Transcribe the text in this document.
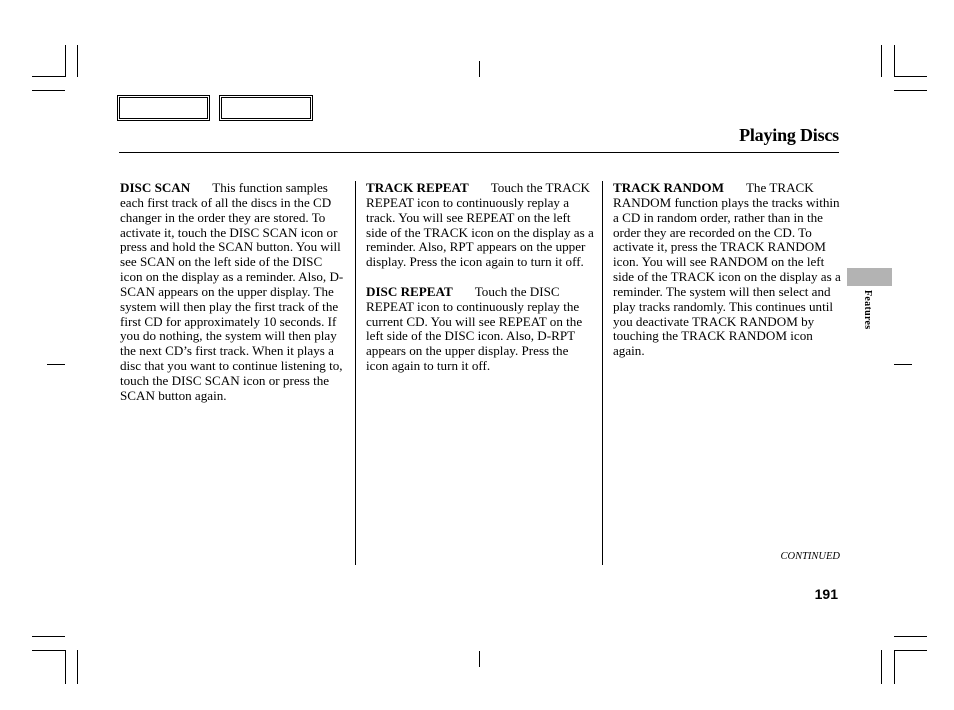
Playing Discs

DISC SCAN This function samples each first track of all the discs in the CD changer in the order they are stored. To activate it, touch the DISC SCAN icon or press and hold the SCAN button. You will see SCAN on the left side of the DISC icon on the display as a reminder. Also, D-SCAN appears on the upper display. The system will then play the first track of the first CD for approximately 10 seconds. If you do nothing, the system will then play the next CD’s first track. When it plays a disc that you want to continue listening to, touch the DISC SCAN icon or press the SCAN button again.

TRACK REPEAT Touch the TRACK REPEAT icon to continuously replay a track. You will see REPEAT on the left side of the TRACK icon on the display as a reminder. Also, RPT appears on the upper display. Press the icon again to turn it off.

DISC REPEAT Touch the DISC REPEAT icon to continuously replay the current CD. You will see REPEAT on the left side of the DISC icon. Also, D-RPT appears on the upper display. Press the icon again to turn it off.

TRACK RANDOM The TRACK RANDOM function plays the tracks within a CD in random order, rather than in the order they are recorded on the CD. To activate it, press the TRACK RANDOM icon. You will see RANDOM on the left side of the TRACK icon on the display as a reminder. The system will then select and play tracks randomly. This continues until you deactivate TRACK RANDOM by touching the TRACK RANDOM icon again.

Features
CONTINUED
191
